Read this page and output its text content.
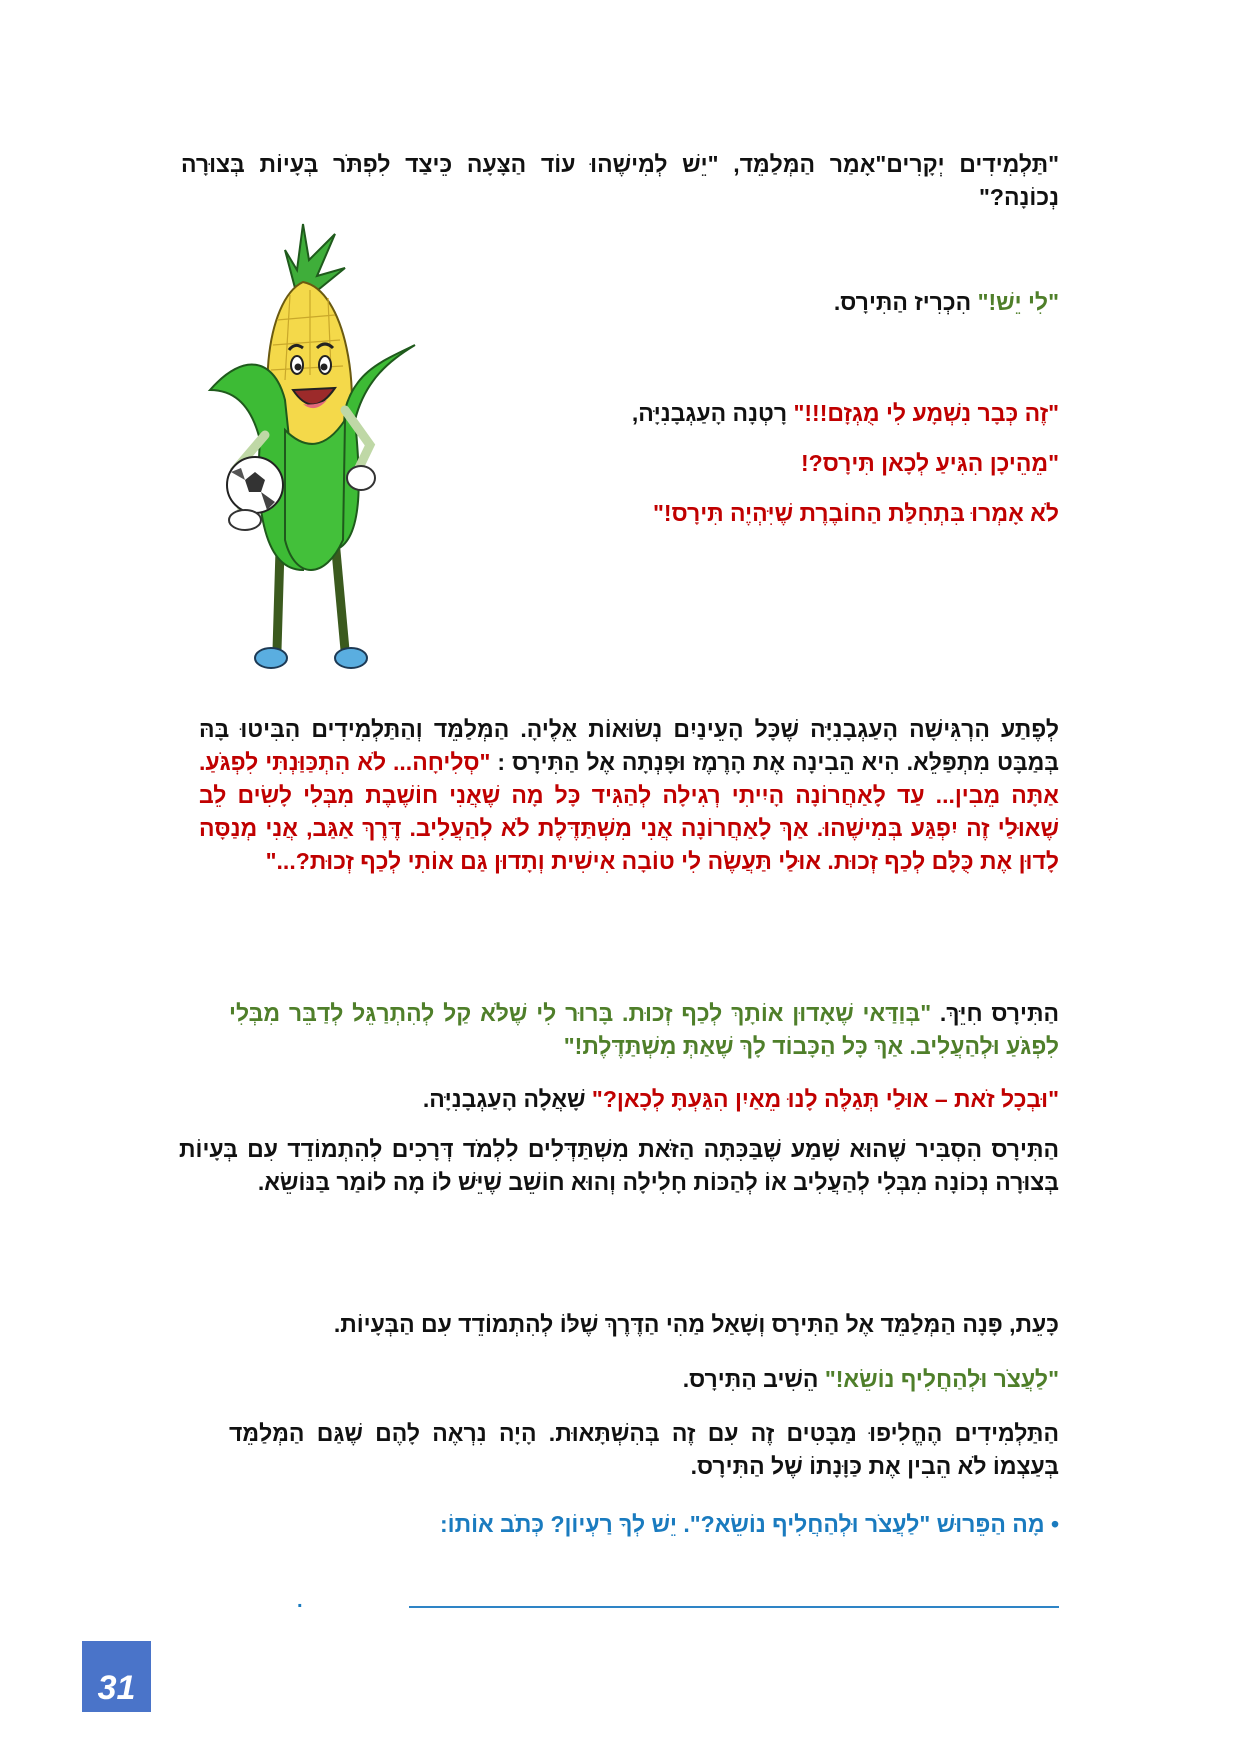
"תַּלְמִידִים יְקָרִים"אָמַר הַמְּלַמֵּד, "יֵשׁ לְמִישֶׁהוּ עוֹד הַצָּעָה כֵּיצַד לִפְתֹּר בְּעָיוֹת בְּצוּרָה נְכוֹנָה?"

"לִי יֵשׁ!" הִכְרִיז הַתִּירָס.

"זֶה כְּבָר נִשְׁמָע לִי מֻגְזָם!!!" רָטְנָה הָעַגְבָנִיָּה,

"מֵהֵיכָן הִגִּיעַ לְכָאן תִּירָס?!

לֹא אָמְרוּ בִּתְחִלַּת הַחוֹבֶרֶת שֶׁיִּהְיֶה תִּירָס!"

לְפֶתַע הִרְגִּישָׁה הָעַגְבָנִיָּה שֶׁכָּל הָעֵינַיִם נְשׂוּאוֹת אֵלֶיהָ. הַמְּלַמֵּד וְהַתַּלְמִידִים הִבִּיטוּ בָּהּ בְּמַבָּט מִתְפַּלֵּא. הִיא הֵבִינָה אֶת הָרֶמֶז וּפָנְתָה אֶל הַתִּירָס : "סְלִיחָה... לֹא הִתְכַּוַּנְתִּי לִפְגֹּעַ. אַתָּה מֵבִין... עַד לָאַחֲרוֹנָה הָיִיתִי רְגִילָה לְהַגִּיד כָּל מָה שֶׁאֲנִי חוֹשֶׁבֶת מִבְּלִי לָשִׂים לֵב שֶׁאוּלַי זֶה יִפְגַּע בְּמִישֶׁהוּ. אַךְ לָאַחֲרוֹנָה אֲנִי מִשְׁתַּדֶּלֶת לֹא לְהַעֲלִיב. דֶּרֶךְ אַגַּב, אֲנִי מְנַסָּה לָדוּן אֶת כֻּלָּם לְכַף זְכוּת. אוּלַי תַּעֲשֶׂה לִי טוֹבָה אִישִׁית וְתָדוּן גַּם אוֹתִי לְכַף זְכוּת?..."

הַתִּירָס חִיֵּךְ. "בְּוַדַּאי שֶׁאָדוּן אוֹתָךְ לְכַף זְכוּת. בָּרוּר לִי שֶׁלֹּא קַל לְהִתְרַגֵּל לְדַבֵּר מִבְּלִי לִפְגֹּעַ וּלְהַעֲלִיב. אַךְ כָּל הַכָּבוֹד לָךְ שֶׁאַתְּ מִשְׁתַּדֶּלֶת!"

"וּבְכָל זֹאת – אוּלַי תְּגַלֶּה לָנוּ מֵאַיִן הִגַּעְתָּ לְכָאן?" שָׁאֲלָה הָעַגְבָנִיָּה.

הַתִּירָס הִסְבִּיר שֶׁהוּא שָׁמַע שֶׁבַּכִּתָּה הַזֹּאת מִשְׁתַּדְּלִים לִלְמֹד דְּרָכִים לְהִתְמוֹדֵד עִם בְּעָיוֹת בְּצוּרָה נְכוֹנָה מִבְּלִי לְהַעֲלִיב אוֹ לְהַכּוֹת חָלִילָה וְהוּא חוֹשֵׁב שֶׁיֵּשׁ לוֹ מָה לוֹמַר בַּנּוֹשֵׂא.

כָּעֵת, פָּנָה הַמְּלַמֵּד אֶל הַתִּירָס וְשָׁאַל מַהִי הַדֶּרֶךְ שֶׁלּוֹ לְהִתְמוֹדֵד עִם הַבְּעָיוֹת.

"לַעֲצֹר וּלְהַחֲלִיף נוֹשֵׂא!" הֵשִׁיב הַתִּירָס.

הַתַּלְמִידִים הֶחֱלִיפוּ מַבָּטִים זֶה עִם זֶה בְּהִשְׁתָּאוּת. הָיָה נִרְאֶה לָהֶם שֶׁגַּם הַמְּלַמֵּד בְּעַצְמוֹ לֹא הֵבִין אֶת כַּוָּנָתוֹ שֶׁל הַתִּירָס.

• מָה הַפֵּרוּשׁ "לַעֲצֹר וּלְהַחֲלִיף נוֹשֵׂא?". יֵשׁ לְךָ רַעְיוֹן? כְּתֹב אוֹתוֹ:

.
31
